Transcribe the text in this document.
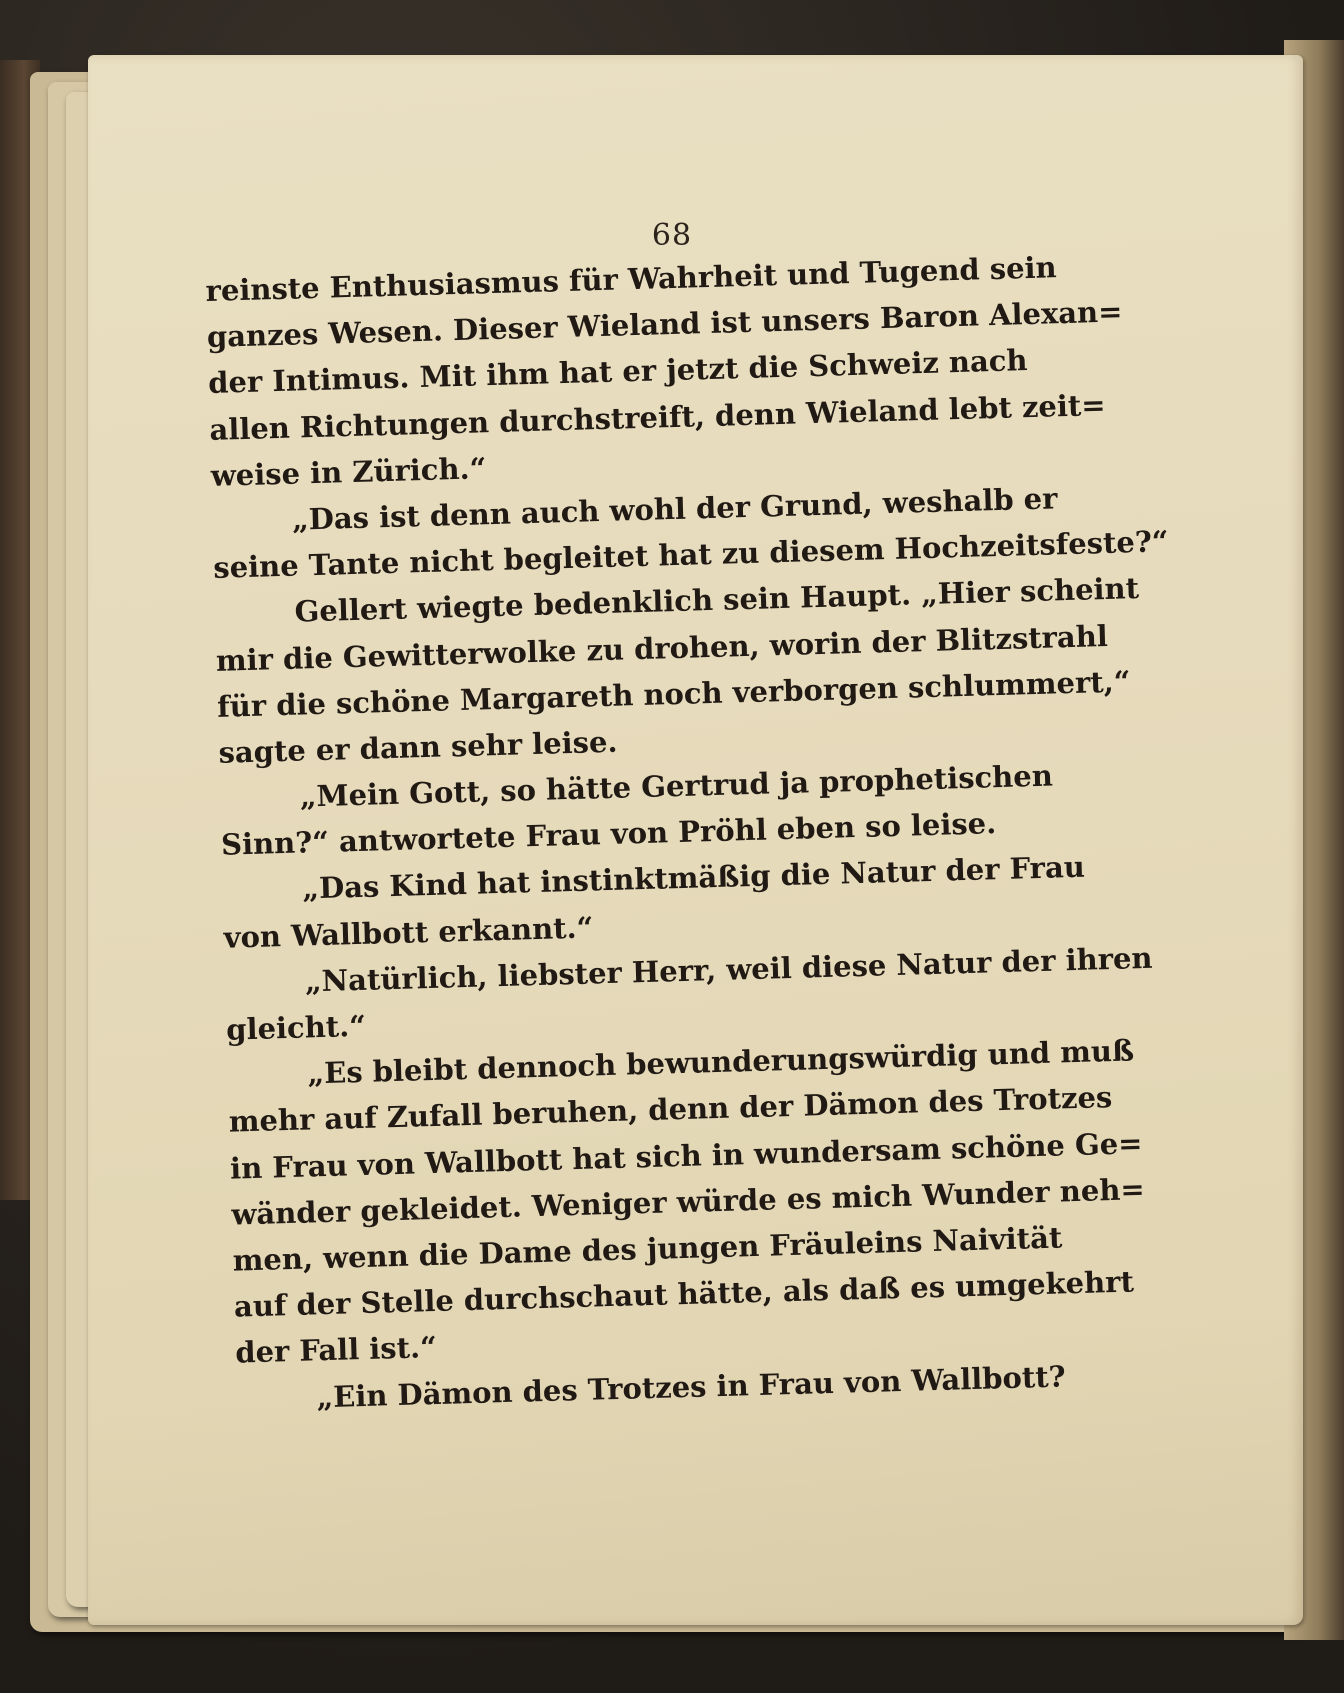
68
reinste Enthusiasmus für Wahrheit und Tugend sein
ganzes Wesen. Dieser Wieland ist unsers Baron Alexan=
der Intimus. Mit ihm hat er jetzt die Schweiz nach
allen Richtungen durchstreift, denn Wieland lebt zeit=
weise in Zürich.“
„Das ist denn auch wohl der Grund, weshalb er
seine Tante nicht begleitet hat zu diesem Hochzeitsfeste?“
Gellert wiegte bedenklich sein Haupt. „Hier scheint
mir die Gewitterwolke zu drohen, worin der Blitzstrahl
für die schöne Margareth noch verborgen schlummert,“
sagte er dann sehr leise.
„Mein Gott, so hätte Gertrud ja prophetischen
Sinn?“ antwortete Frau von Pröhl eben so leise.
„Das Kind hat instinktmäßig die Natur der Frau
von Wallbott erkannt.“
„Natürlich, liebster Herr, weil diese Natur der ihren
gleicht.“
„Es bleibt dennoch bewunderungswürdig und muß
mehr auf Zufall beruhen, denn der Dämon des Trotzes
in Frau von Wallbott hat sich in wundersam schöne Ge=
wänder gekleidet. Weniger würde es mich Wunder neh=
men, wenn die Dame des jungen Fräuleins Naivität
auf der Stelle durchschaut hätte, als daß es umgekehrt
der Fall ist.“
„Ein Dämon des Trotzes in Frau von Wallbott?
